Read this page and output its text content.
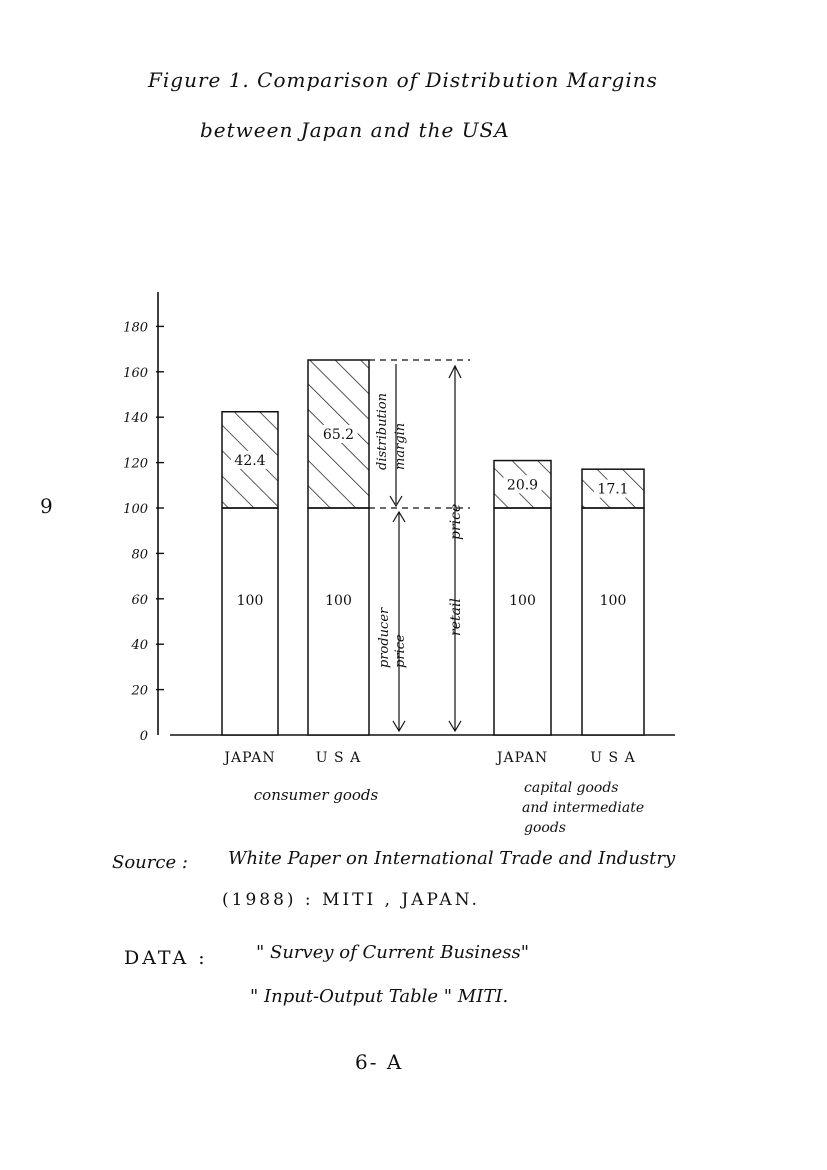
Figure 1. Comparison of Distribution Margins
between Japan and the USA
9
0
20
40
60
80
100
120
140
160
180
100
42.4
JAPAN
100
65.2
U S A
100
20.9
JAPAN
100
17.1
U S A
consumer goods	capital goods and intermediate goods
distribution margin
producerprice
retail
price
Source : White Paper on International Trade and Industry
(1988) : MITI , JAPAN.
DATA :	" Survey of Current Business"
" Input-Output Table " MITI.
6- A
